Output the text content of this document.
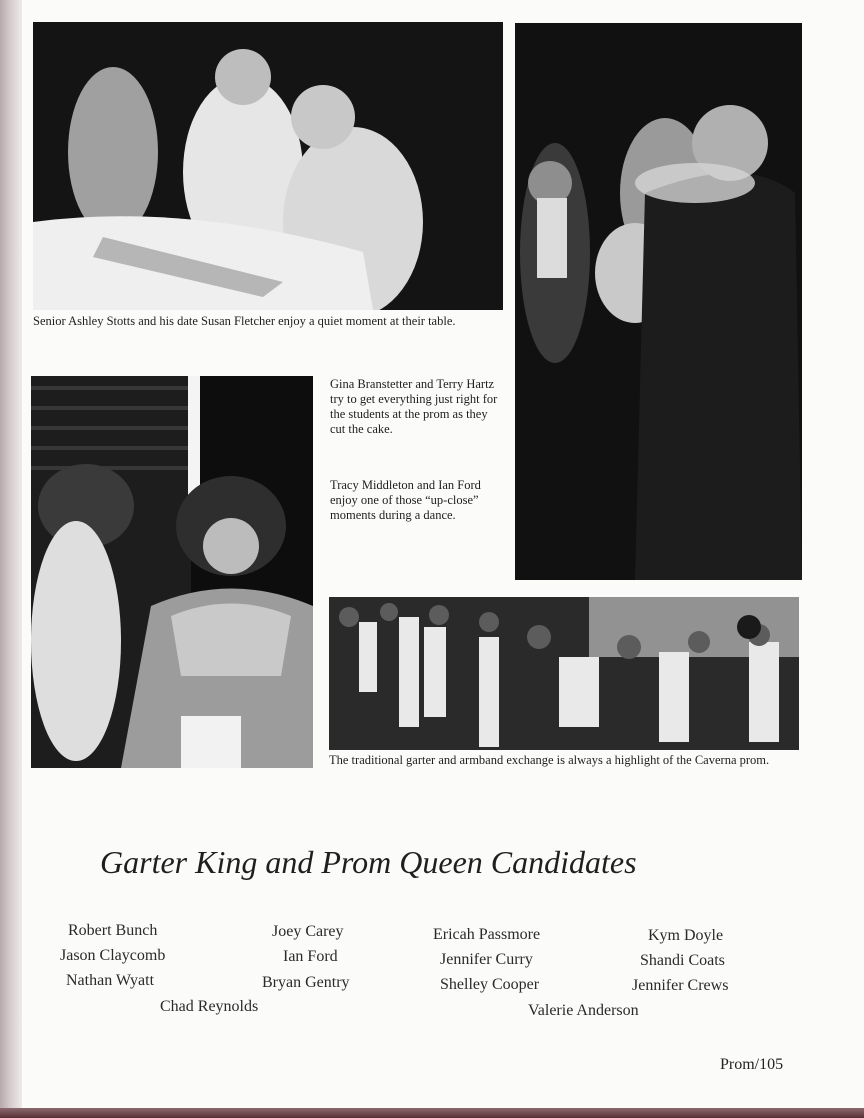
Senior Ashley Stotts and his date Susan Fletcher enjoy a quiet moment at their table.
Gina Branstetter and Terry Hartz try to get everything just right for the students at the prom as they cut the cake.
Tracy Middleton and Ian Ford enjoy one of those “up-close” moments during a dance.
The traditional garter and armband exchange is always a highlight of the Caverna prom.
Garter King and Prom Queen Candidates
Robert Bunch
Jason Claycomb
Nathan Wyatt
Joey Carey
Ian Ford
Bryan Gentry
Chad Reynolds
Ericah Passmore
Jennifer Curry
Shelley Cooper
Kym Doyle
Shandi Coats
Jennifer Crews
Valerie Anderson
Prom/105
